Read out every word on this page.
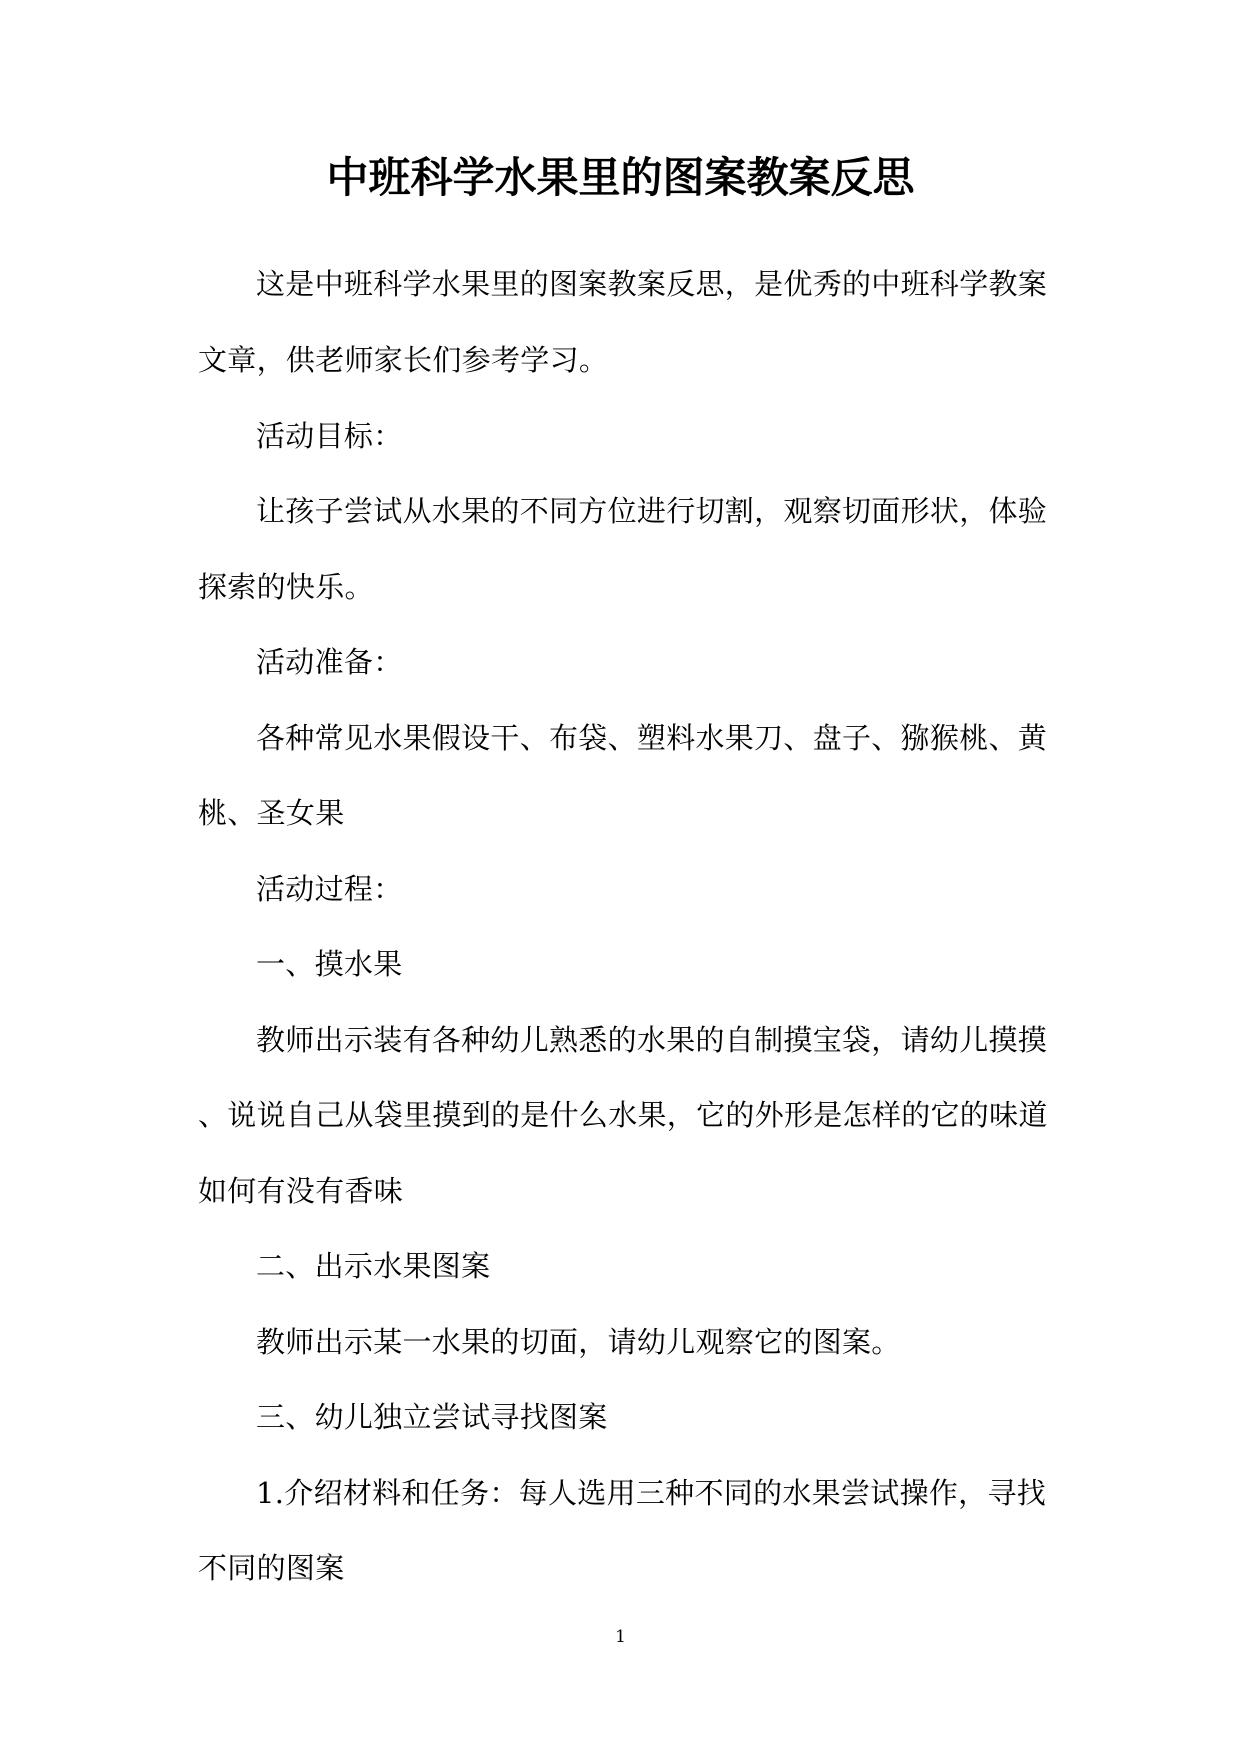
中班科学水果里的图案教案反思
这是中班科学水果里的图案教案反思，是优秀的中班科学教案
文章，供老师家长们参考学习。
活动目标：
让孩子尝试从水果的不同方位进行切割，观察切面形状，体验
探索的快乐。
活动准备：
各种常见水果假设干、布袋、塑料水果刀、盘子、猕猴桃、黄
桃、圣女果
活动过程：
一、摸水果
教师出示装有各种幼儿熟悉的水果的自制摸宝袋，请幼儿摸摸
、说说自己从袋里摸到的是什么水果，它的外形是怎样的它的味道
如何有没有香味
二、出示水果图案
教师出示某一水果的切面，请幼儿观察它的图案。
三、幼儿独立尝试寻找图案
1.介绍材料和任务：每人选用三种不同的水果尝试操作，寻找
不同的图案
1
